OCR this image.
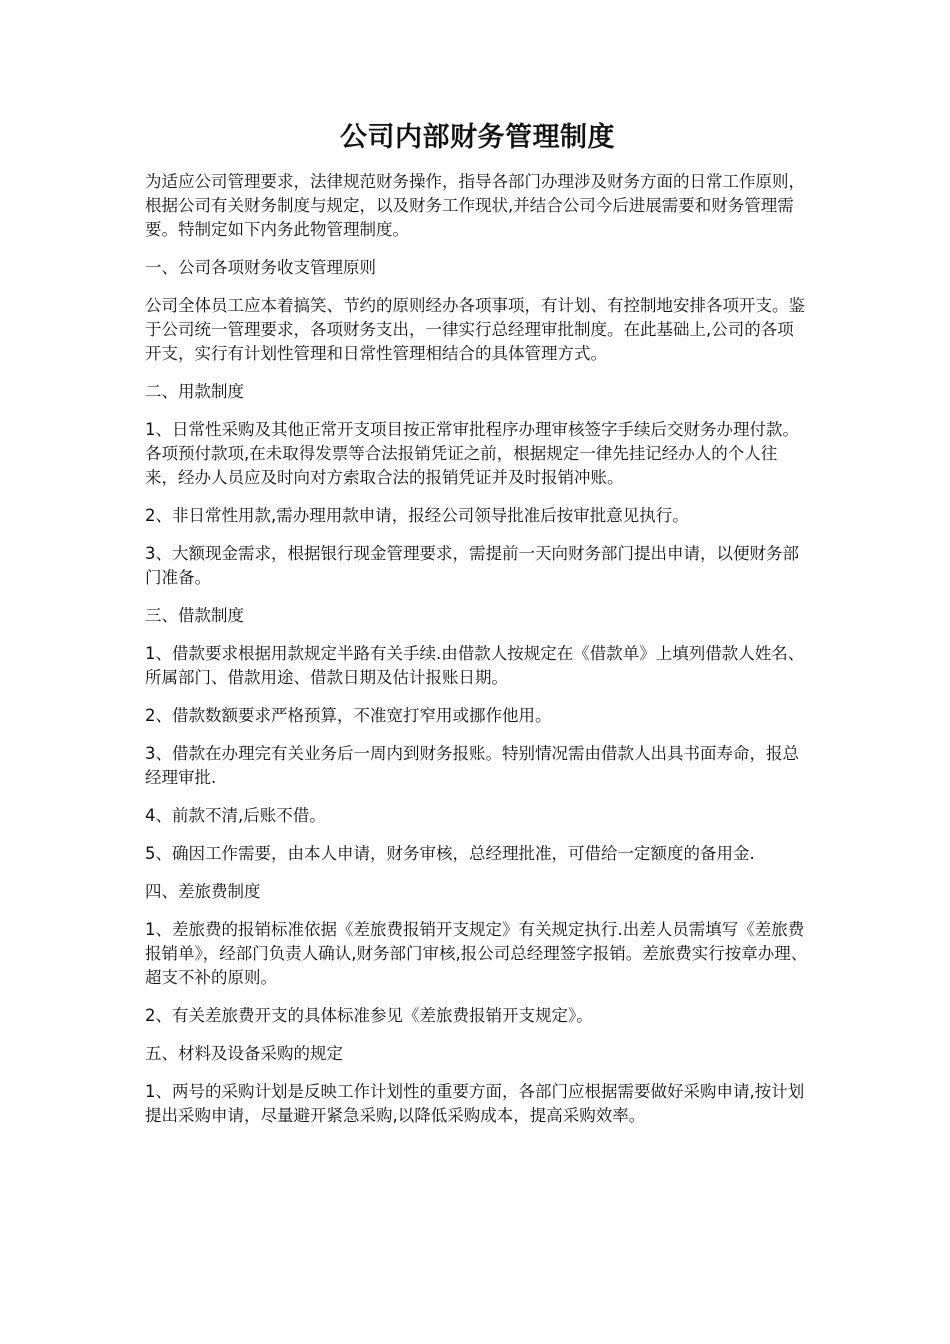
公司内部财务管理制度

为适应公司管理要求，法律规范财务操作，指导各部门办理涉及财务方面的日常工作原则，根据公司有关财务制度与规定，以及财务工作现状,并结合公司今后进展需要和财务管理需要。特制定如下内务此物管理制度。

一、公司各项财务收支管理原则

公司全体员工应本着搞笑、节约的原则经办各项事项，有计划、有控制地安排各项开支。鉴于公司统一管理要求，各项财务支出，一律实行总经理审批制度。在此基础上,公司的各项开支，实行有计划性管理和日常性管理相结合的具体管理方式。

二、用款制度

1、日常性采购及其他正常开支项目按正常审批程序办理审核签字手续后交财务办理付款。各项预付款项,在未取得发票等合法报销凭证之前，根据规定一律先挂记经办人的个人往来，经办人员应及时向对方索取合法的报销凭证并及时报销冲账。

2、非日常性用款,需办理用款申请，报经公司领导批准后按审批意见执行。

3、大额现金需求，根据银行现金管理要求，需提前一天向财务部门提出申请，以便财务部门准备。

三、借款制度

1、借款要求根据用款规定半路有关手续.由借款人按规定在《借款单》上填列借款人姓名、所属部门、借款用途、借款日期及估计报账日期。

2、借款数额要求严格预算，不准宽打窄用或挪作他用。

3、借款在办理完有关业务后一周内到财务报账。特别情况需由借款人出具书面寿命，报总经理审批.

4、前款不清,后账不借。

5、确因工作需要，由本人申请，财务审核，总经理批准，可借给一定额度的备用金.

四、差旅费制度

1、差旅费的报销标准依据《差旅费报销开支规定》有关规定执行.出差人员需填写《差旅费报销单》，经部门负责人确认,财务部门审核,报公司总经理签字报销。差旅费实行按章办理、超支不补的原则。

2、有关差旅费开支的具体标准参见《差旅费报销开支规定》。

五、材料及设备采购的规定

1、两号的采购计划是反映工作计划性的重要方面，各部门应根据需要做好采购申请,按计划提出采购申请，尽量避开紧急采购,以降低采购成本，提高采购效率。
